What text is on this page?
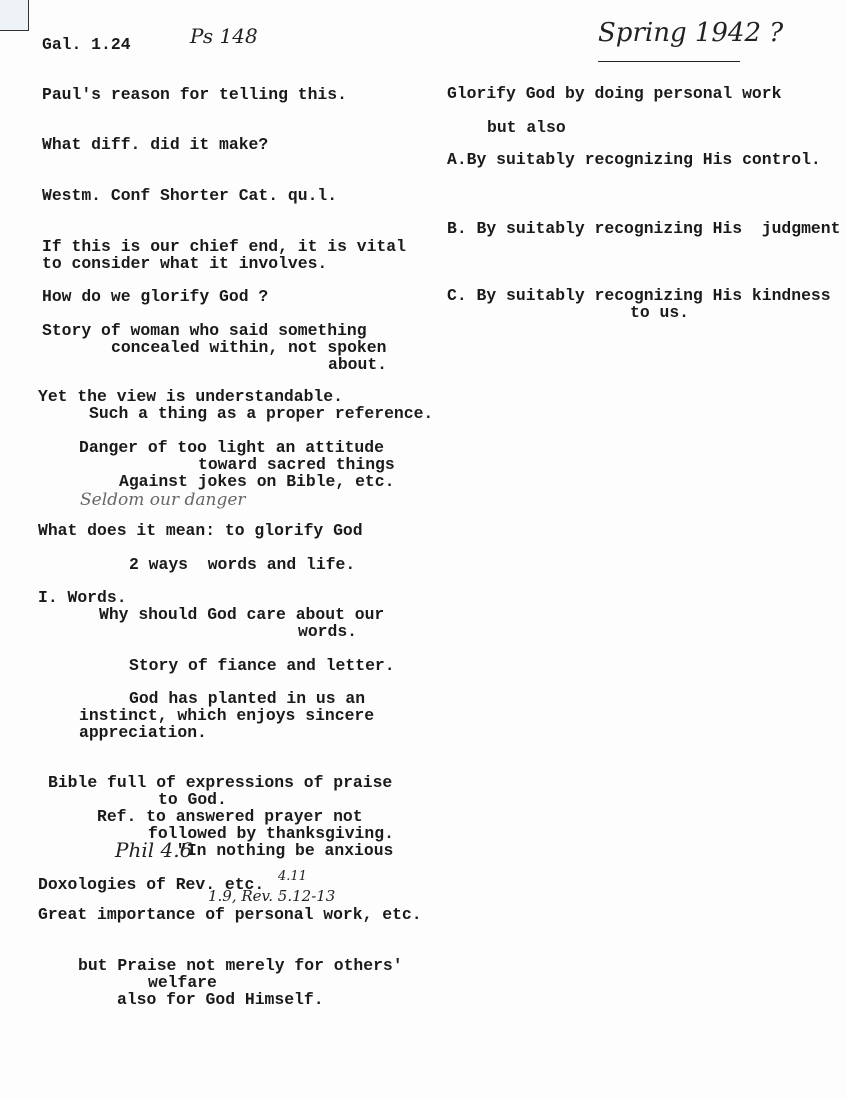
Gal. 1.24	Ps 148	Spring 1942 ?
Paul's reason for telling this.
What diff. did it make?
Westm. Conf Shorter Cat. qu.l.
If this is our chief end, it is vital
to consider what it involves.
How do we glorify God ?
Story of woman who said something
concealed within, not spoken
about.
Yet the view is understandable.
Such a thing as a proper reference.
Danger of too light an attitude
toward sacred things
Against jokes on Bible, etc.
Seldom our danger
What does it mean: to glorify God
2 ways  words and life.
I. Words.
Why should God care about our
words.
Story of fiance and letter.
God has planted in us an
instinct, which enjoys sincere
appreciation.
Bible full of expressions of praise
to God.
Ref. to answered prayer not
followed by thanksgiving.
Phil 4.6
"In nothing be anxious
Doxologies of Rev. etc. 4.11
1.9, Rev. 5.12-13
Great importance of personal work, etc.
but Praise not merely for others'
welfare
also for God Himself.
Glorify God by doing personal work
but also
A.By suitably recognizing His control.
B. By suitably recognizing His  judgment
C. By suitably recognizing His kindness
to us.
